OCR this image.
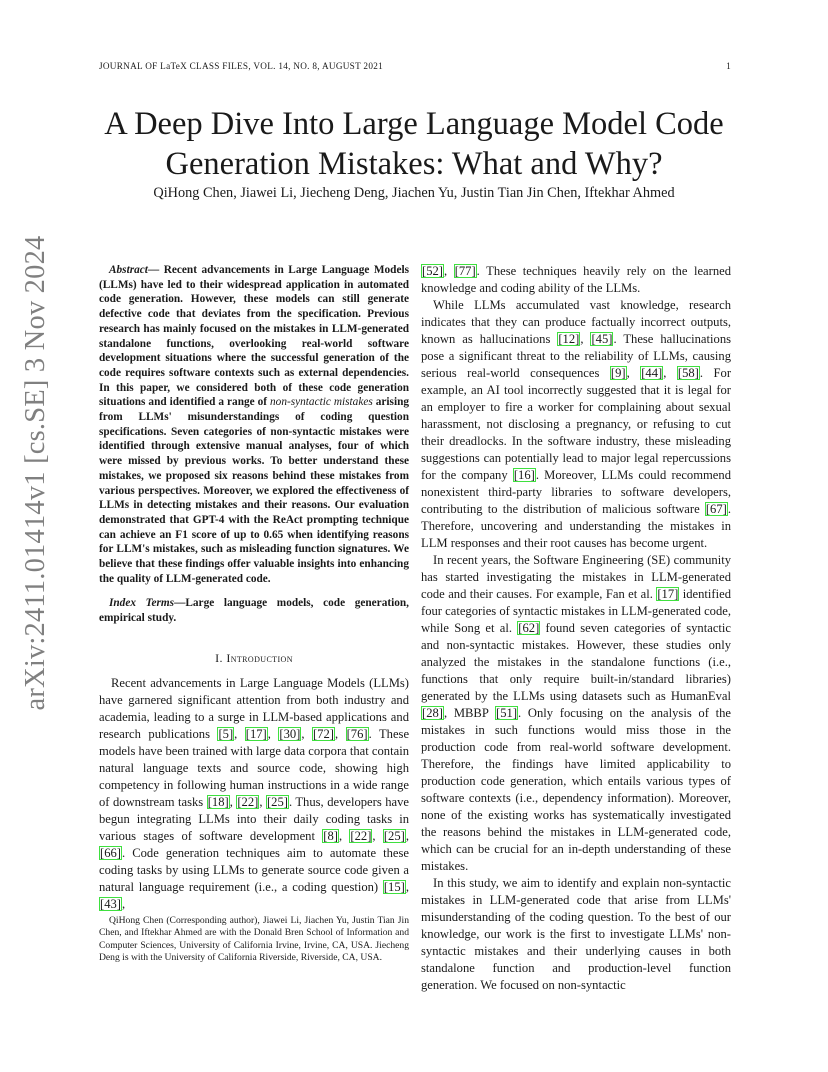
JOURNAL OF LaTeX CLASS FILES, VOL. 14, NO. 8, AUGUST 2021	1
arXiv:2411.01414v1 [cs.SE] 3 Nov 2024
A Deep Dive Into Large Language Model Code Generation Mistakes: What and Why?
QiHong Chen, Jiawei Li, Jiecheng Deng, Jiachen Yu, Justin Tian Jin Chen, Iftekhar Ahmed

Abstract— Recent advancements in Large Language Models (LLMs) have led to their widespread application in automated code generation. However, these models can still generate defective code that deviates from the specification. Previous research has mainly focused on the mistakes in LLM-generated standalone functions, overlooking real-world software development situations where the successful generation of the code requires software contexts such as external dependencies. In this paper, we considered both of these code generation situations and identified a range of non-syntactic mistakes arising from LLMs' misunderstandings of coding question specifications. Seven categories of non-syntactic mistakes were identified through extensive manual analyses, four of which were missed by previous works. To better understand these mistakes, we proposed six reasons behind these mistakes from various perspectives. Moreover, we explored the effectiveness of LLMs in detecting mistakes and their reasons. Our evaluation demonstrated that GPT-4 with the ReAct prompting technique can achieve an F1 score of up to 0.65 when identifying reasons for LLM's mistakes, such as misleading function signatures. We believe that these findings offer valuable insights into enhancing the quality of LLM-generated code.

Index Terms—Large language models, code generation, empirical study.

I. Introduction

Recent advancements in Large Language Models (LLMs) have garnered significant attention from both industry and academia, leading to a surge in LLM-based applications and research publications [5], [17], [30], [72], [76]. These models have been trained with large data corpora that contain natural language texts and source code, showing high competency in following human instructions in a wide range of downstream tasks [18], [22], [25]. Thus, developers have begun integrating LLMs into their daily coding tasks in various stages of software development [8], [22], [25], [66]. Code generation techniques aim to automate these coding tasks by using LLMs to generate source code given a natural language requirement (i.e., a coding question) [15], [43],

QiHong Chen (Corresponding author), Jiawei Li, Jiachen Yu, Justin Tian Jin Chen, and Iftekhar Ahmed are with the Donald Bren School of Information and Computer Sciences, University of California Irvine, Irvine, CA, USA. Jiecheng Deng is with the University of California Riverside, Riverside, CA, USA.

[52], [77]. These techniques heavily rely on the learned knowledge and coding ability of the LLMs.

While LLMs accumulated vast knowledge, research indicates that they can produce factually incorrect outputs, known as hallucinations [12], [45]. These hallucinations pose a significant threat to the reliability of LLMs, causing serious real-world consequences [9], [44], [58]. For example, an AI tool incorrectly suggested that it is legal for an employer to fire a worker for complaining about sexual harassment, not disclosing a pregnancy, or refusing to cut their dreadlocks. In the software industry, these misleading suggestions can potentially lead to major legal repercussions for the company [16]. Moreover, LLMs could recommend nonexistent third-party libraries to software developers, contributing to the distribution of malicious software [67]. Therefore, uncovering and understanding the mistakes in LLM responses and their root causes has become urgent.

In recent years, the Software Engineering (SE) community has started investigating the mistakes in LLM-generated code and their causes. For example, Fan et al. [17] identified four categories of syntactic mistakes in LLM-generated code, while Song et al. [62] found seven categories of syntactic and non-syntactic mistakes. However, these studies only analyzed the mistakes in the standalone functions (i.e., functions that only require built-in/standard libraries) generated by the LLMs using datasets such as HumanEval [28], MBBP [51]. Only focusing on the analysis of the mistakes in such functions would miss those in the production code from real-world software development. Therefore, the findings have limited applicability to production code generation, which entails various types of software contexts (i.e., dependency information). Moreover, none of the existing works has systematically investigated the reasons behind the mistakes in LLM-generated code, which can be crucial for an in-depth understanding of these mistakes.

In this study, we aim to identify and explain non-syntactic mistakes in LLM-generated code that arise from LLMs' misunderstanding of the coding question. To the best of our knowledge, our work is the first to investigate LLMs' non-syntactic mistakes and their underlying causes in both standalone function and production-level function generation. We focused on non-syntactic
